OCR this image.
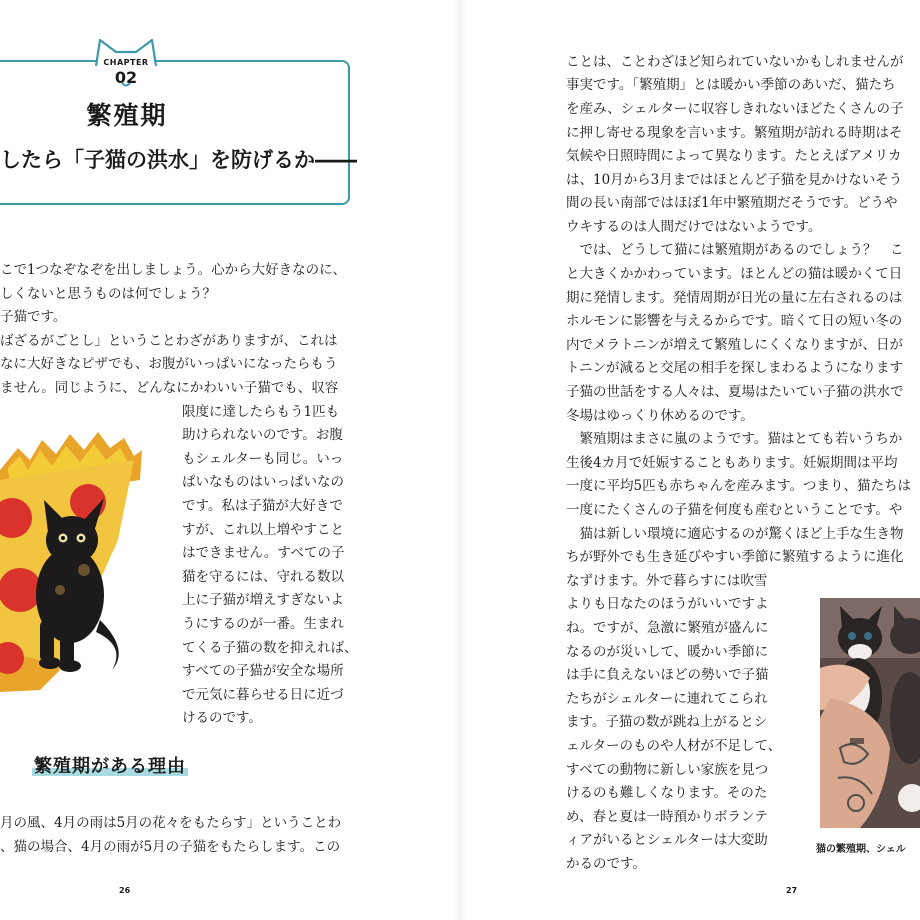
CHAPTER
02
繁殖期
したら「子猫の洪水」を防げるか――
こで1つなぞなぞを出しましょう。心から大好きなのに、
しくないと思うものは何でしょう？
子猫です。
ばざるがごとし」ということわざがありますが、これは
なに大好きなピザでも、お腹がいっぱいになったらもう
ません。同じように、どんなにかわいい子猫でも、収容
限度に達したらもう1匹も
助けられないのです。お腹
もシェルターも同じ。いっ
ぱいなものはいっぱいなの
です。私は子猫が大好きで
すが、これ以上増やすこと
はできません。すべての子
猫を守るには、守れる数以
上に子猫が増えすぎないよ
うにするのが一番。生まれ
てくる子猫の数を抑えれば、
すべての子猫が安全な場所
で元気に暮らせる日に近づ
けるのです。
繁殖期がある理由
月の風、4月の雨は5月の花々をもたらす」ということわ
、猫の場合、4月の雨が5月の子猫をもたらします。この
26
ことは、ことわざほど知られていないかもしれませんが
事実です。「繁殖期」とは暖かい季節のあいだ、猫たち
を産み、シェルターに収容しきれないほどたくさんの子
に押し寄せる現象を言います。繁殖期が訪れる時期はそ
気候や日照時間によって異なります。たとえばアメリカ
は、10月から3月まではほとんど子猫を見かけないそう
間の長い南部ではほぼ1年中繁殖期だそうです。どうや
ウキするのは人間だけではないようです。
　では、どうして猫には繁殖期があるのでしょう？　こ
と大きくかかわっています。ほとんどの猫は暖かくて日
期に発情します。発情周期が日光の量に左右されるのは
ホルモンに影響を与えるからです。暗くて日の短い冬の
内でメラトニンが増えて繁殖しにくくなりますが、日が
トニンが減ると交尾の相手を探しまわるようになります
子猫の世話をする人々は、夏場はたいてい子猫の洪水で
冬場はゆっくり休めるのです。
　繁殖期はまさに嵐のようです。猫はとても若いうちか
生後4カ月で妊娠することもあります。妊娠期間は平均
一度に平均5匹も赤ちゃんを産みます。つまり、猫たちは
一度にたくさんの子猫を何度も産むということです。や
　猫は新しい環境に適応するのが驚くほど上手な生き物
ちが野外でも生き延びやすい季節に繁殖するように進化
なずけます。外で暮らすには吹雪
よりも日なたのほうがいいですよ
ね。ですが、急激に繁殖が盛んに
なるのが災いして、暖かい季節に
は手に負えないほどの勢いで子猫
たちがシェルターに連れてこられ
ます。子猫の数が跳ね上がるとシ
ェルターのものや人材が不足して、
すべての動物に新しい家族を見つ
けるのも難しくなります。そのた
め、春と夏は一時預かりボランテ
ィアがいるとシェルターは大変助
かるのです。
猫の繁殖期、シェル
27
